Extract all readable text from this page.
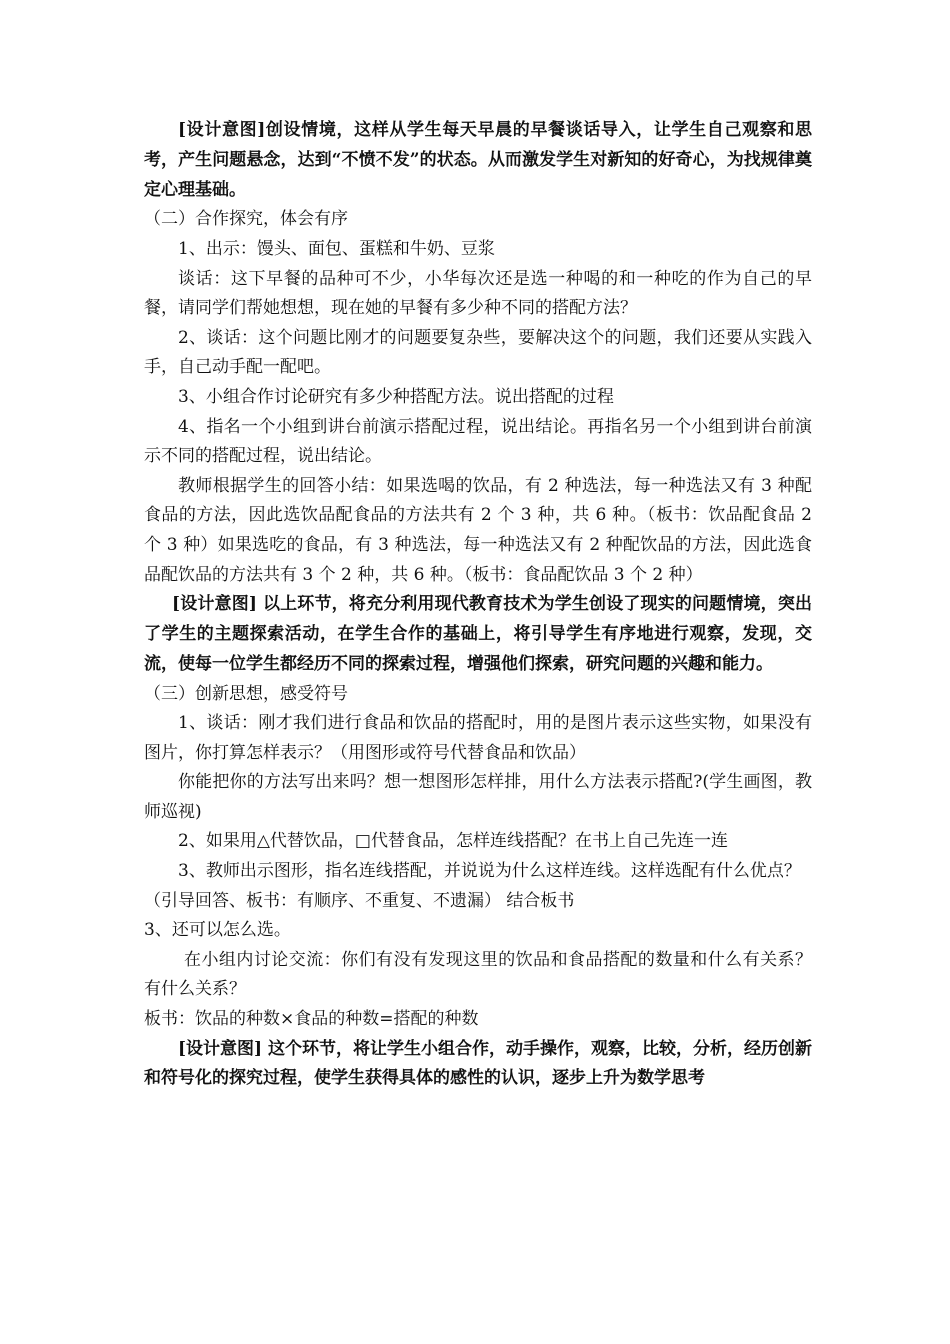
[设计意图]创设情境，这样从学生每天早晨的早餐谈话导入，让学生自己观察和思考，产生问题悬念，达到“不愤不发”的状态。从而激发学生对新知的好奇心，为找规律奠定心理基础。

（二）合作探究，体会有序

1、出示：馒头、面包、蛋糕和牛奶、豆浆

谈话：这下早餐的品种可不少，小华每次还是选一种喝的和一种吃的作为自己的早餐，请同学们帮她想想，现在她的早餐有多少种不同的搭配方法？

2、谈话：这个问题比刚才的问题要复杂些，要解决这个的问题，我们还要从实践入手，自己动手配一配吧。

3、小组合作讨论研究有多少种搭配方法。说出搭配的过程

4、指名一个小组到讲台前演示搭配过程，说出结论。再指名另一个小组到讲台前演示不同的搭配过程，说出结论。

教师根据学生的回答小结：如果选喝的饮品，有 2 种选法，每一种选法又有 3 种配食品的方法，因此选饮品配食品的方法共有 2 个 3 种，共 6 种。（板书：饮品配食品 2 个 3 种）如果选吃的食品，有 3 种选法，每一种选法又有 2 种配饮品的方法，因此选食品配饮品的方法共有 3 个 2 种，共 6 种。（板书：食品配饮品 3 个 2 种）

[设计意图] 以上环节，将充分利用现代教育技术为学生创设了现实的问题情境，突出了学生的主题探索活动，在学生合作的基础上，将引导学生有序地进行观察，发现，交流，使每一位学生都经历不同的探索过程，增强他们探索，研究问题的兴趣和能力。

（三）创新思想，感受符号

1、谈话：刚才我们进行食品和饮品的搭配时，用的是图片表示这些实物，如果没有图片，你打算怎样表示？（用图形或符号代替食品和饮品）

你能把你的方法写出来吗？想一想图形怎样排，用什么方法表示搭配?(学生画图，教师巡视)

2、如果用△代替饮品，□代替食品，怎样连线搭配？在书上自己先连一连

3、教师出示图形，指名连线搭配，并说说为什么这样连线。这样选配有什么优点？

（引导回答、板书：有顺序、不重复、不遗漏） 结合板书

3、还可以怎么选。

在小组内讨论交流：你们有没有发现这里的饮品和食品搭配的数量和什么有关系？ 有什么关系？

板书：饮品的种数×食品的种数=搭配的种数

[设计意图] 这个环节，将让学生小组合作，动手操作，观察，比较，分析，经历创新和符号化的探究过程，使学生获得具体的感性的认识，逐步上升为数学思考
